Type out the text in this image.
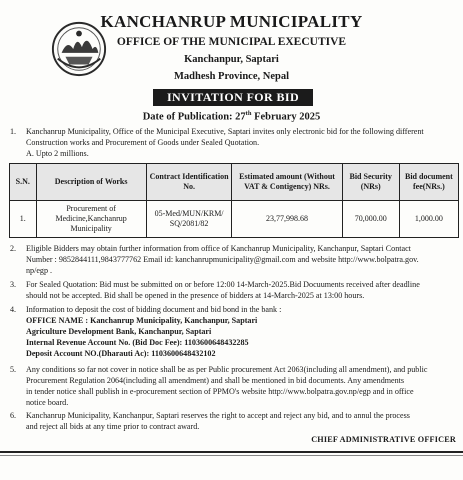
KANCHANRUP MUNICIPALITY
OFFICE OF THE MUNICIPAL EXECUTIVE
Kanchanpur, Saptari
Madhesh Province, Nepal
INVITATION FOR BID
Date of Publication: 27th February 2025
1.	Kanchanrup Municipality, Office of the Municipal Executive, Saptari invites only electronic bid for the following different
Construction works and Procurement of Goods under Sealed Quotation.
A. Upto 2 millions.
S.N.	Description of Works	Contract Identification No.	Estimated amount (Without VAT & Contigency) NRs.	Bid Security (NRs)	Bid document fee(NRs.)
1.	Procurement of Medicine,Kanchanrup Municipality	05-Med/MUN/KRM/ SQ/2081/82	23,77,998.68	70,000.00	1,000.00
2.	Eligible Bidders may obtain further information from office of Kanchanrup Municipality, Kanchanpur, Saptari Contact
Number : 9852844111,9843777762 Email id: kanchanrupmunicipality@gmail.com and website http://www.bolpatra.gov.
np/egp .
3.	For Sealed Quotation: Bid must be submitted on or before 12:00 14-March-2025.Bid Docuuments received after deadline
should not be accepted. Bid shall be opened in the presence of bidders at 14-March-2025 at 13:00 hours.
4.	Information to deposit the cost of bidding document and bid bond in the bank :
OFFICE NAME : Kanchanrup Municipality, Kanchanpur, Saptari
Agriculture Development Bank, Kanchanpur, Saptari
Internal Revenue Account No. (Bid Doc Fee): 1103600648432285
Deposit Account NO.(Dharauti Ac): 1103600648432102
5.	Any conditions so far not cover in notice shall be as per Public procurement Act 2063(including all amendment), and public
Procurement Regulation 2064(including all amendment) and shall be mentioned in bid documents. Any amendments
in tender notice shall publish in e-procurement section of PPMO's website http://www.bolpatra.gov.np/egp and in office
notice board.
6.	Kanchanrup Municipality, Kanchanpur, Saptari reserves the right to accept and reject any bid, and to annul the process
and reject all bids at any time prior to contract award.
CHIEF ADMINISTRATIVE OFFICER
